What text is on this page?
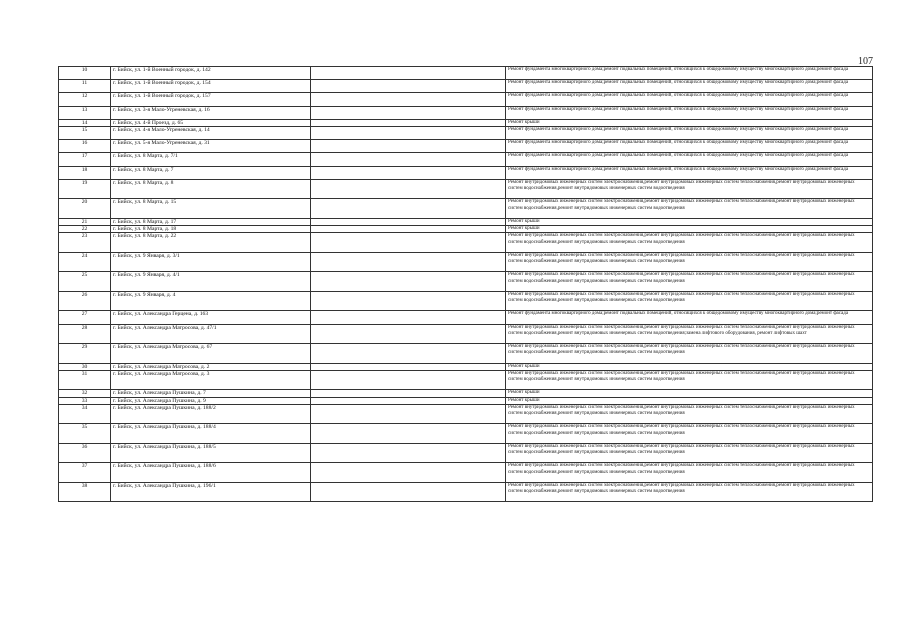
107
10	г. Бийск, ул. 1-й Военный городок, д. 142		Ремонт фундамента многоквартирного дома;ремонт подвальных помещений, относящихся к общедомовому имуществу многоквартирного дома;ремонт фасада
11	г. Бийск, ул. 1-й Военный городок, д. 154		Ремонт фундамента многоквартирного дома;ремонт подвальных помещений, относящихся к общедомовому имуществу многоквартирного дома;ремонт фасада
12	г. Бийск, ул. 1-й Военный городок, д. 157		Ремонт фундамента многоквартирного дома;ремонт подвальных помещений, относящихся к общедомовому имуществу многоквартирного дома;ремонт фасада
13	г. Бийск, ул. 3-я Мало-Угреневская, д. 16		Ремонт фундамента многоквартирного дома;ремонт подвальных помещений, относящихся к общедомовому имуществу многоквартирного дома;ремонт фасада
14	г. Бийск, ул. 4-й Проезд, д. 65		Ремонт крыши
15	г. Бийск, ул. 4-я Мало-Угреневская, д. 14		Ремонт фундамента многоквартирного дома;ремонт подвальных помещений, относящихся к общедомовому имуществу многоквартирного дома;ремонт фасада
16	г. Бийск, ул. 5-я Мало-Угреневская, д. 31		Ремонт фундамента многоквартирного дома;ремонт подвальных помещений, относящихся к общедомовому имуществу многоквартирного дома;ремонт фасада
17	г. Бийск, ул. 8 Марта, д. 7/1		Ремонт фундамента многоквартирного дома;ремонт подвальных помещений, относящихся к общедомовому имуществу многоквартирного дома;ремонт фасада
18	г. Бийск, ул. 8 Марта, д. 7		Ремонт фундамента многоквартирного дома;ремонт подвальных помещений, относящихся к общедомовому имуществу многоквартирного дома;ремонт фасада
19	г. Бийск, ул. 8 Марта, д. 8		Ремонт внутридомовых инженерных систем электроснабжения,ремонт внутридомовых инженерных систем теплоснабжения,ремонт внутридомовых инженерных систем водоснабжения,ремонт внутридомовых инженерных систем водоотведения
20	г. Бийск, ул. 8 Марта, д. 15		Ремонт внутридомовых инженерных систем электроснабжения,ремонт внутридомовых инженерных систем теплоснабжения,ремонт внутридомовых инженерных систем водоснабжения,ремонт внутридомовых инженерных систем водоотведения
21	г. Бийск, ул. 8 Марта, д. 17		Ремонт крыши
22	г. Бийск, ул. 8 Марта, д. 18		Ремонт крыши
23	г. Бийск, ул. 8 Марта, д. 22		Ремонт внутридомовых инженерных систем электроснабжения,ремонт внутридомовых инженерных систем теплоснабжения,ремонт внутридомовых инженерных систем водоснабжения,ремонт внутридомовых инженерных систем водоотведения
24	г. Бийск, ул. 9 Января, д. 3/1		Ремонт внутридомовых инженерных систем электроснабжения,ремонт внутридомовых инженерных систем теплоснабжения,ремонт внутридомовых инженерных систем водоснабжения,ремонт внутридомовых инженерных систем водоотведения
25	г. Бийск, ул. 9 Января, д. 4/1		Ремонт внутридомовых инженерных систем электроснабжения,ремонт внутридомовых инженерных систем теплоснабжения,ремонт внутридомовых инженерных систем водоснабжения,ремонт внутридомовых инженерных систем водоотведения
26	г. Бийск, ул. 9 Января, д. 4		Ремонт внутридомовых инженерных систем электроснабжения,ремонт внутридомовых инженерных систем теплоснабжения,ремонт внутридомовых инженерных систем водоснабжения,ремонт внутридомовых инженерных систем водоотведения
27	г. Бийск, ул. Александра Герцена, д. 163		Ремонт фундамента многоквартирного дома;ремонт подвальных помещений, относящихся к общедомовому имуществу многоквартирного дома;ремонт фасада
28	г. Бийск, ул. Александра Матросова, д. 47/1		Ремонт внутридомовых инженерных систем электроснабжения,ремонт внутридомовых инженерных систем теплоснабжения,ремонт внутридомовых инженерных систем водоснабжения,ремонт внутридомовых инженерных систем водоотведения;замена лифтового оборудования, ремонт лифтовых шахт
29	г. Бийск, ул. Александра Матросова, д. 67		Ремонт внутридомовых инженерных систем электроснабжения,ремонт внутридомовых инженерных систем теплоснабжения,ремонт внутридомовых инженерных систем водоснабжения,ремонт внутридомовых инженерных систем водоотведения
30	г. Бийск, ул. Александра Матросова, д. 2		Ремонт крыши
31	г. Бийск, ул. Александра Матросова, д. 3		Ремонт внутридомовых инженерных систем электроснабжения,ремонт внутридомовых инженерных систем теплоснабжения,ремонт внутридомовых инженерных систем водоснабжения,ремонт внутридомовых инженерных систем водоотведения
32	г. Бийск, ул. Александра Пушкина, д. 7		Ремонт крыши
33	г. Бийск, ул. Александра Пушкина, д. 9		Ремонт крыши
34	г. Бийск, ул. Александра Пушкина, д. 188/2		Ремонт внутридомовых инженерных систем электроснабжения,ремонт внутридомовых инженерных систем теплоснабжения,ремонт внутридомовых инженерных систем водоснабжения,ремонт внутридомовых инженерных систем водоотведения
35	г. Бийск, ул. Александра Пушкина, д. 188/4		Ремонт внутридомовых инженерных систем электроснабжения,ремонт внутридомовых инженерных систем теплоснабжения,ремонт внутридомовых инженерных систем водоснабжения,ремонт внутридомовых инженерных систем водоотведения
36	г. Бийск, ул. Александра Пушкина, д. 188/5		Ремонт внутридомовых инженерных систем электроснабжения,ремонт внутридомовых инженерных систем теплоснабжения,ремонт внутридомовых инженерных систем водоснабжения,ремонт внутридомовых инженерных систем водоотведения
37	г. Бийск, ул. Александра Пушкина, д. 188/6		Ремонт внутридомовых инженерных систем электроснабжения,ремонт внутридомовых инженерных систем теплоснабжения,ремонт внутридомовых инженерных систем водоснабжения,ремонт внутридомовых инженерных систем водоотведения
38	г. Бийск, ул. Александра Пушкина, д. 196/1		Ремонт внутридомовых инженерных систем электроснабжения,ремонт внутридомовых инженерных систем теплоснабжения,ремонт внутридомовых инженерных систем водоснабжения,ремонт внутридомовых инженерных систем водоотведения
